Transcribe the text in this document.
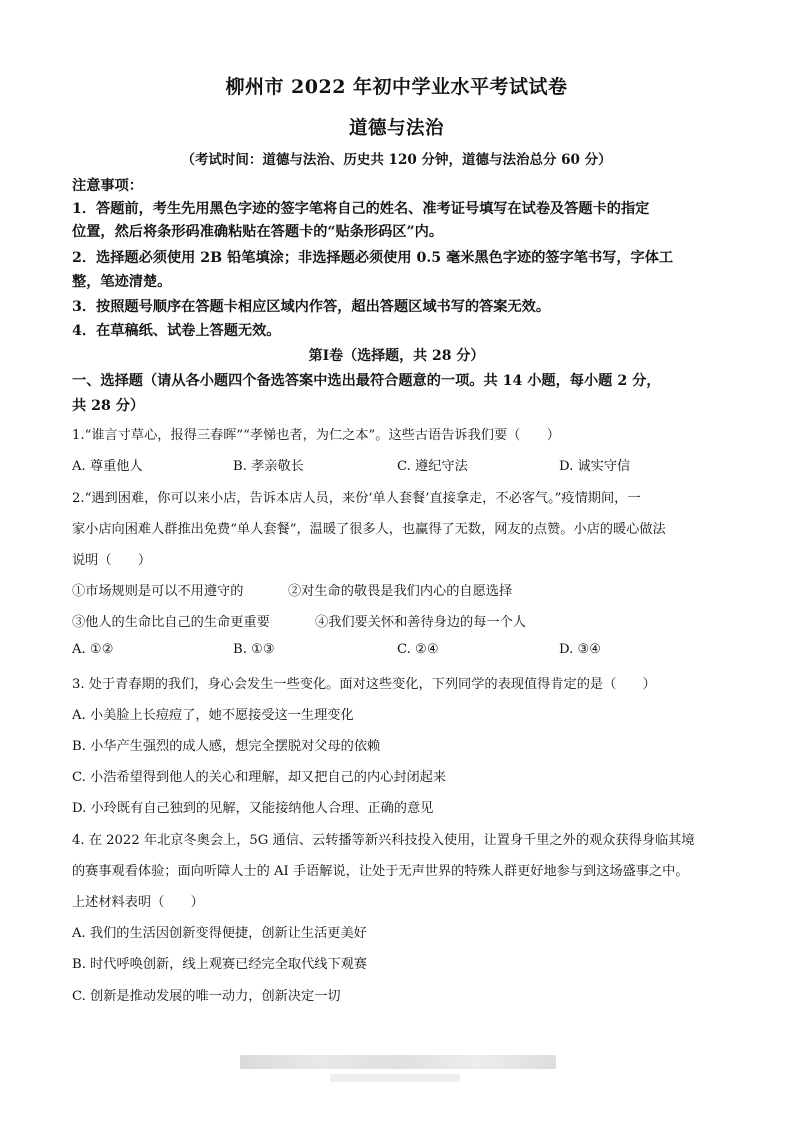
柳州市 2022 年初中学业水平考试试卷
道德与法治
（考试时间：道德与法治、历史共 120 分钟，道德与法治总分 60 分）
注意事项：
1．答题前，考生先用黑色字迹的签字笔将自己的姓名、准考证号填写在试卷及答题卡的指定
位置，然后将条形码准确粘贴在答题卡的“贴条形码区”内。
2．选择题必须使用 2B 铅笔填涂；非选择题必须使用 0.5 毫米黑色字迹的签字笔书写，字体工
整，笔迹清楚。
3．按照题号顺序在答题卡相应区域内作答，超出答题区域书写的答案无效。
4．在草稿纸、试卷上答题无效。
第Ⅰ卷（选择题，共 28 分）
一、选择题（请从各小题四个备选答案中选出最符合题意的一项。共 14 小题，每小题 2 分，
共 28 分）
1.“谁言寸草心，报得三春晖”“孝悌也者，为仁之本”。这些古语告诉我们要（　　）
A. 尊重他人	B. 孝亲敬长	C. 遵纪守法	D. 诚实守信
2.“遇到困难，你可以来小店，告诉本店人员，来份‘单人套餐’直接拿走，不必客气。”疫情期间，一
家小店向困难人群推出免费“单人套餐”，温暖了很多人，也赢得了无数，网友的点赞。小店的暖心做法
说明（　　）
①市场规则是可以不用遵守的	②对生命的敬畏是我们内心的自愿选择
③他人的生命比自己的生命更重要	④我们要关怀和善待身边的每一个人
A. ①②	B. ①③	C. ②④	D. ③④
3. 处于青春期的我们，身心会发生一些变化。面对这些变化，下列同学的表现值得肯定的是（　　）
A. 小美脸上长痘痘了，她不愿接受这一生理变化
B. 小华产生强烈的成人感，想完全摆脱对父母的依赖
C. 小浩希望得到他人的关心和理解，却又把自己的内心封闭起来
D. 小玲既有自己独到的见解，又能接纳他人合理、正确的意见
4. 在 2022 年北京冬奥会上，5G 通信、云转播等新兴科技投入使用，让置身千里之外的观众获得身临其境
的赛事观看体验；面向听障人士的 AI 手语解说，让处于无声世界的特殊人群更好地参与到这场盛事之中。
上述材料表明（　　）
A. 我们的生活因创新变得便捷，创新让生活更美好
B. 时代呼唤创新，线上观赛已经完全取代线下观赛
C. 创新是推动发展的唯一动力，创新决定一切
